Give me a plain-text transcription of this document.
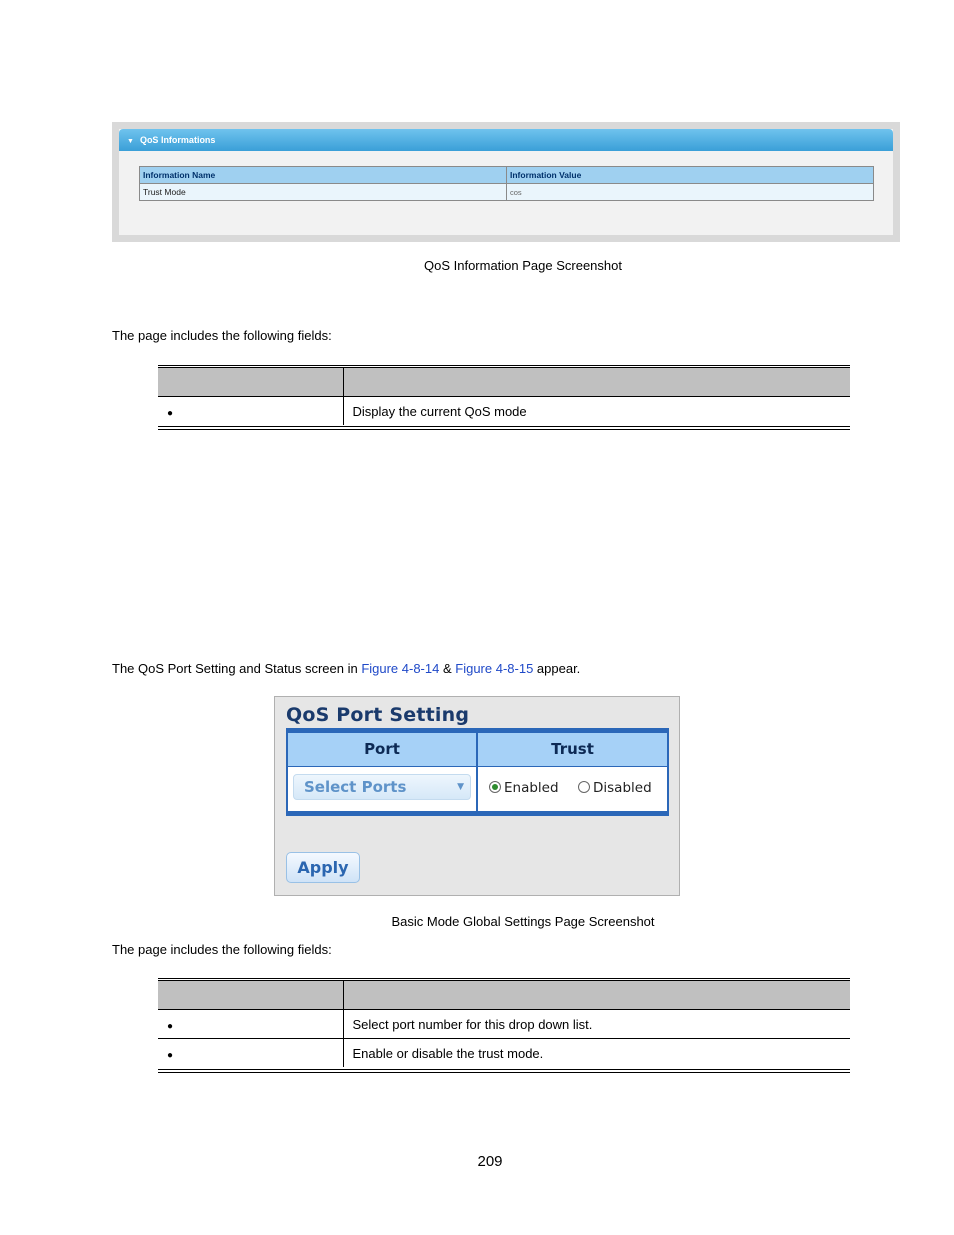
▼ QoS Informations
Information Name	Information Value
Trust Mode	cos
QoS Information Page Screenshot
The page includes the following fields:

●	Display the current QoS mode
The QoS Port Setting and Status screen in Figure 4-8-14 & Figure 4-8-15 appear.
QoS Port Setting
Port	Trust
Select Ports	▼	Enabled	Disabled
Apply
Basic Mode Global Settings Page Screenshot
The page includes the following fields:

●	Select port number for this drop down list.
●	Enable or disable the trust mode.
209
